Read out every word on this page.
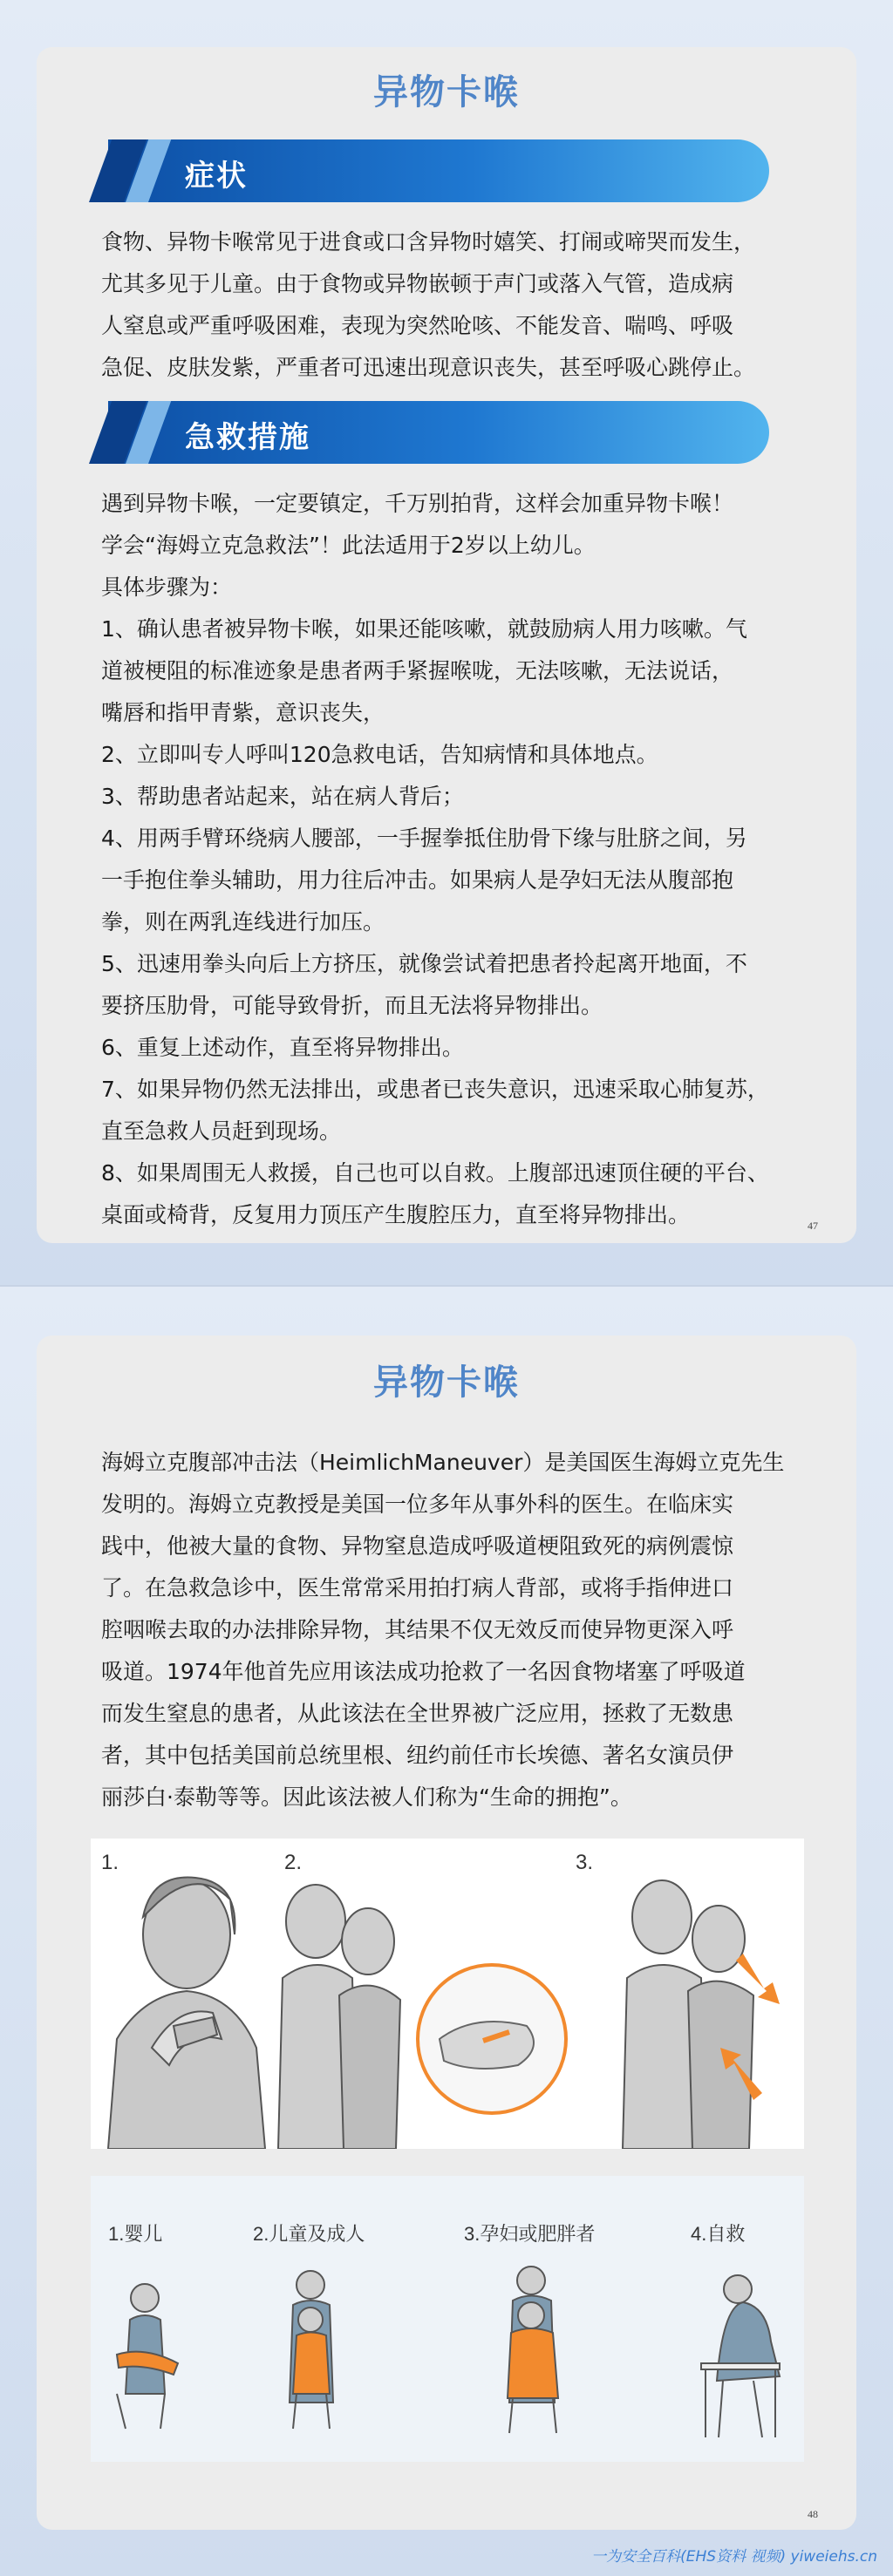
异物卡喉
症状

食物、异物卡喉常见于进食或口含异物时嬉笑、打闹或啼哭而发生，

尤其多见于儿童。由于食物或异物嵌顿于声门或落入气管，造成病

人窒息或严重呼吸困难，表现为突然呛咳、不能发音、喘鸣、呼吸

急促、皮肤发紫，严重者可迅速出现意识丧失，甚至呼吸心跳停止。

急救措施

遇到异物卡喉，一定要镇定，千万别拍背，这样会加重异物卡喉！

学会“海姆立克急救法”！此法适用于2岁以上幼儿。

具体步骤为：

1、确认患者被异物卡喉，如果还能咳嗽，就鼓励病人用力咳嗽。气

道被梗阻的标准迹象是患者两手紧握喉咙，无法咳嗽，无法说话，

嘴唇和指甲青紫，意识丧失，

2、立即叫专人呼叫120急救电话，告知病情和具体地点。

3、帮助患者站起来，站在病人背后；

4、用两手臂环绕病人腰部，一手握拳抵住肋骨下缘与肚脐之间，另

一手抱住拳头辅助，用力往后冲击。如果病人是孕妇无法从腹部抱

拳，则在两乳连线进行加压。

5、迅速用拳头向后上方挤压，就像尝试着把患者拎起离开地面，不

要挤压肋骨，可能导致骨折，而且无法将异物排出。

6、重复上述动作，直至将异物排出。

7、如果异物仍然无法排出，或患者已丧失意识，迅速采取心肺复苏，

直至急救人员赶到现场。

8、如果周围无人救援，自己也可以自救。上腹部迅速顶住硬的平台、

桌面或椅背，反复用力顶压产生腹腔压力，直至将异物排出。	47
异物卡喉

海姆立克腹部冲击法（HeimlichManeuver）是美国医生海姆立克先生

发明的。海姆立克教授是美国一位多年从事外科的医生。在临床实

践中，他被大量的食物、异物窒息造成呼吸道梗阻致死的病例震惊

了。在急救急诊中，医生常常采用拍打病人背部，或将手指伸进口

腔咽喉去取的办法排除异物，其结果不仅无效反而使异物更深入呼

吸道。1974年他首先应用该法成功抢救了一名因食物堵塞了呼吸道

而发生窒息的患者，从此该法在全世界被广泛应用，拯救了无数患

者，其中包括美国前总统里根、纽约前任市长埃德、著名女演员伊

丽莎白·泰勒等等。因此该法被人们称为“生命的拥抱”。

1.	2.	3.
1.婴儿	2.儿童及成人	3.孕妇或肥胖者	4.自救
48
一为安全百科(EHS资料 视频) yiweiehs.cn
